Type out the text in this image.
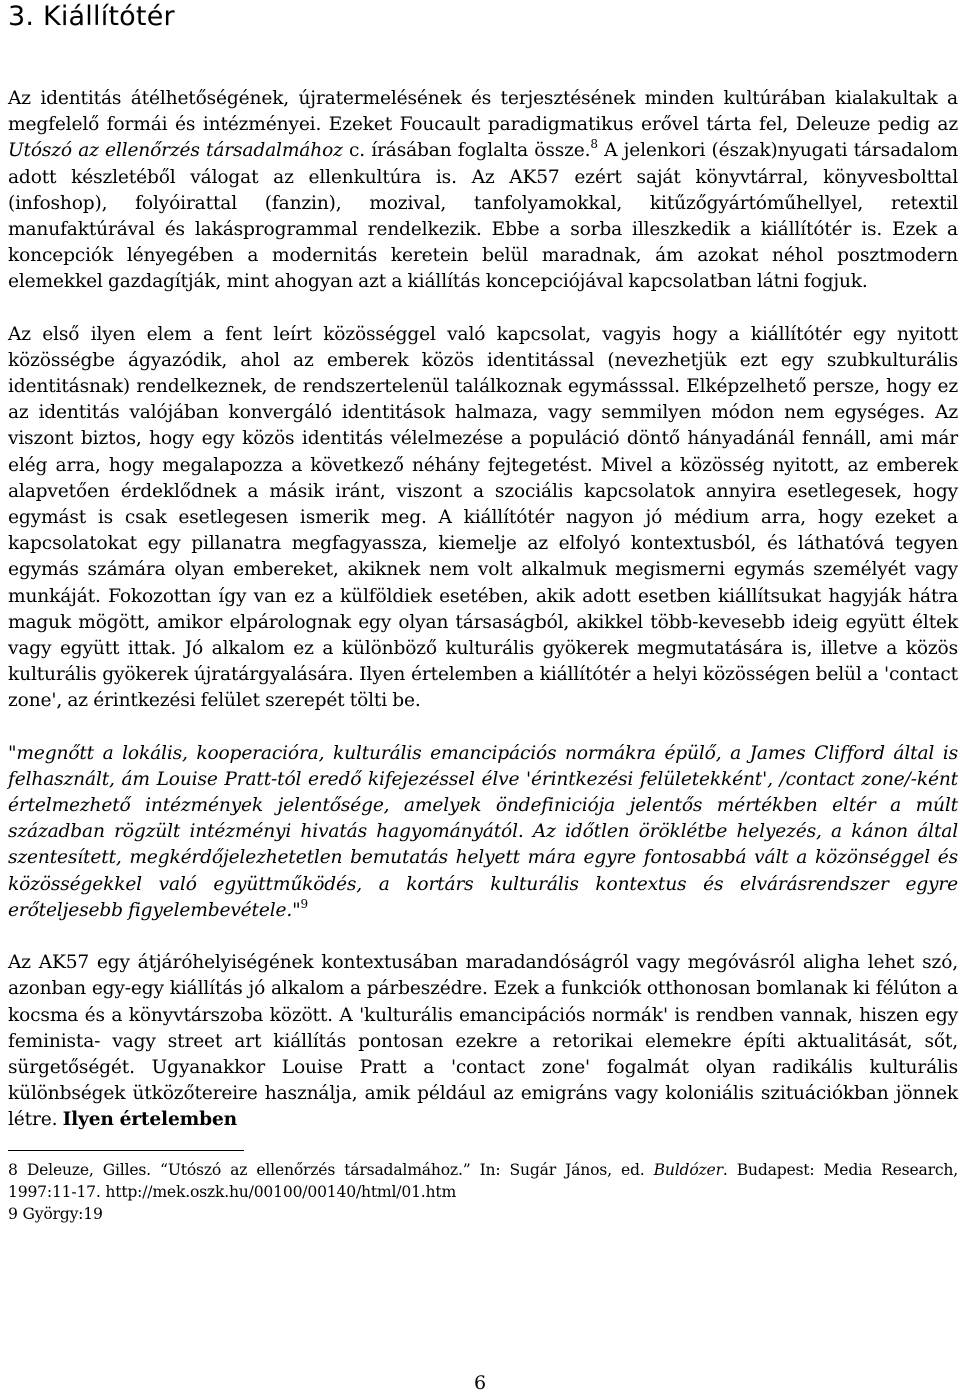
3. Kiállítótér

Az identitás átélhetőségének, újratermelésének és terjesztésének minden kultúrában kialakultak a megfelelő formái és intézményei. Ezeket Foucault paradigmatikus erővel tárta fel, Deleuze pedig az Utószó az ellenőrzés társadalmához c. írásában foglalta össze.$^8$ A jelenkori (észak)nyugati társadalom adott készletéből válogat az ellenkultúra is. Az AK57 ezért saját könyvtárral, könyvesbolttal (infoshop), folyóirattal (fanzin), mozival, tanfolyamokkal, kitűzőgyártóműhellyel, retextil manufaktúrával és lakásprogrammal rendelkezik. Ebbe a sorba illeszkedik a kiállítótér is. Ezek a koncepciók lényegében a modernitás keretein belül maradnak, ám azokat néhol posztmodern elemekkel gazdagítják, mint ahogyan azt a kiállítás koncepciójával kapcsolatban látni fogjuk.

Az első ilyen elem a fent leírt közösséggel való kapcsolat, vagyis hogy a kiállítótér egy nyitott közösségbe ágyazódik, ahol az emberek közös identitással (nevezhetjük ezt egy szubkulturális identitásnak) rendelkeznek, de rendszertelenül találkoznak egymásssal. Elképzelhető persze, hogy ez az identitás valójában konvergáló identitások halmaza, vagy semmilyen módon nem egységes. Az viszont biztos, hogy egy közös identitás vélelmezése a populáció döntő hányadánál fennáll, ami már elég arra, hogy megalapozza a következő néhány fejtegetést. Mivel a közösség nyitott, az emberek alapvetően érdeklődnek a másik iránt, viszont a szociális kapcsolatok annyira esetlegesek, hogy egymást is csak esetlegesen ismerik meg. A kiállítótér nagyon jó médium arra, hogy ezeket a kapcsolatokat egy pillanatra megfagyassza, kiemelje az elfolyó kontextusból, és láthatóvá tegyen egymás számára olyan embereket, akiknek nem volt alkalmuk megismerni egymás személyét vagy munkáját. Fokozottan így van ez a külföldiek esetében, akik adott esetben kiállítsukat hagyják hátra maguk mögött, amikor elpárolognak egy olyan társaságból, akikkel több-kevesebb ideig együtt éltek vagy együtt ittak. Jó alkalom ez a különböző kulturális gyökerek megmutatására is, illetve a közös kulturális gyökerek újratárgyalására. Ilyen értelemben a kiállítótér a helyi közösségen belül a 'contact zone', az érintkezési felület szerepét tölti be.

"megnőtt a lokális, kooperacióra, kulturális emancipációs normákra épülő, a James Clifford által is felhasznált, ám Louise Pratt-tól eredő kifejezéssel élve 'érintkezési felületekként', /contact zone/-ként értelmezhető intézmények jelentősége, amelyek öndefiniciója jelentős mértékben eltér a múlt században rögzült intézményi hivatás hagyományától. Az időtlen öröklétbe helyezés, a kánon által szentesített, megkérdőjelezhetetlen bemutatás helyett mára egyre fontosabbá vált a közönséggel és közösségekkel való együttműködés, a kortárs kulturális kontextus és elvárásrendszer egyre erőteljesebb figyelembevétele."$^9$

Az AK57 egy átjáróhelyiségének kontextusában maradandóságról vagy megóvásról aligha lehet szó, azonban egy-egy kiállítás jó alkalom a párbeszédre. Ezek a funkciók otthonosan bomlanak ki félúton a kocsma és a könyvtárszoba között. A 'kulturális emancipációs normák' is rendben vannak, hiszen egy feminista- vagy street art kiállítás pontosan ezekre a retorikai elemekre építi aktualitását, sőt, sürgetőségét. Ugyanakkor Louise Pratt a 'contact zone' fogalmát olyan radikális kulturális különbségek ütközőtereire használja, amik például az emigráns vagy koloniális szituációkban jönnek létre. Ilyen értelemben

8 Deleuze, Gilles. “Utószó az ellenőrzés társadalmához.” In: Sugár János, ed. Buldózer. Budapest: Media Research, 1997:11-17. http://mek.oszk.hu/00100/00140/html/01.htm

9 György:19

6
